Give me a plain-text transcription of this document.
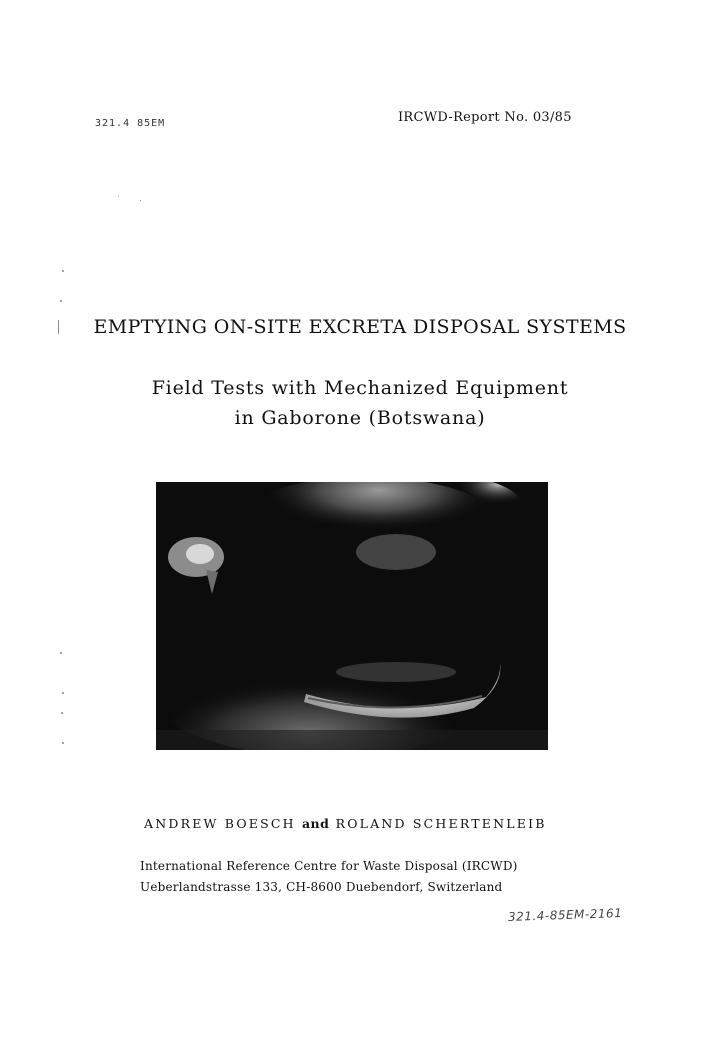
321.4 85EM	IRCWD-Report No. 03/85
EMPTYING ON-SITE EXCRETA DISPOSAL SYSTEMS
Field Tests with Mechanized Equipment
in Gaborone (Botswana)
ANDREW BOESCH and ROLAND SCHERTENLEIB
International Reference Centre for Waste Disposal (IRCWD)
Ueberlandstrasse 133, CH-8600 Duebendorf, Switzerland
321.4-85EM-2161
